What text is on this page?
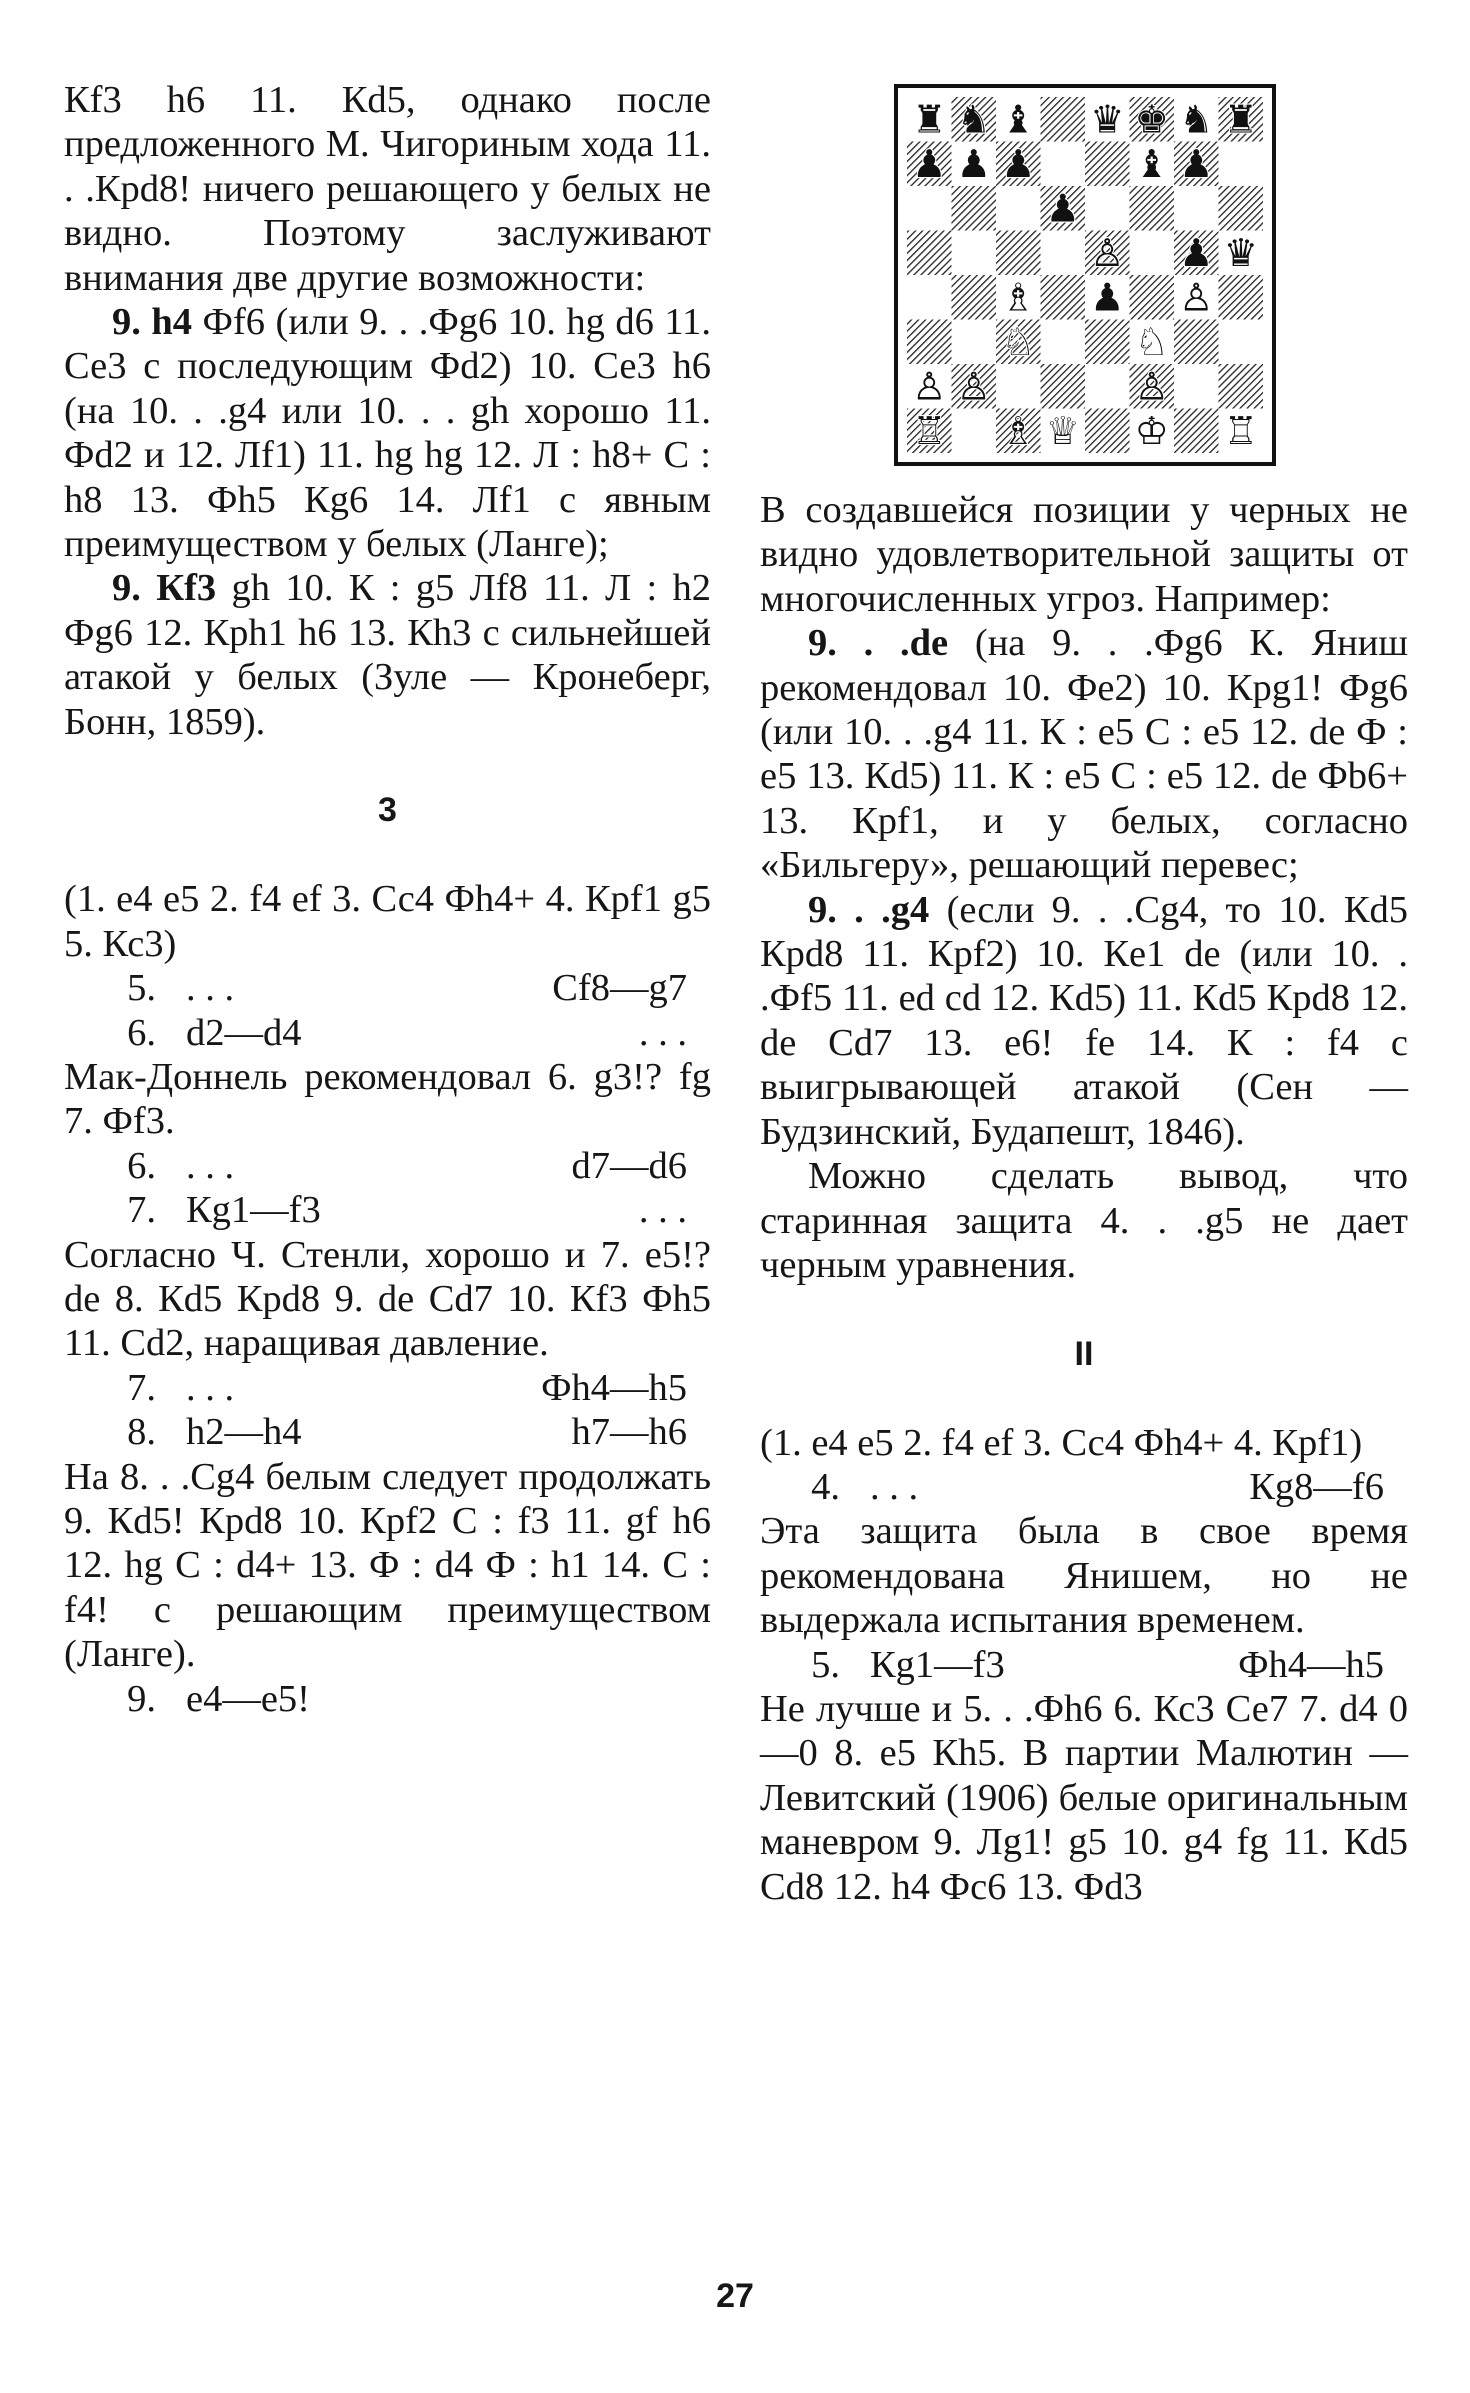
Кf3 h6 11. Кd5, однако после предложенного М. Чигориным хода 11. . .Кpd8! ничего решающего у белых не видно. Поэтому заслуживают внимания две другие возможности:

9. h4 Фf6 (или 9. . .Фg6 10. hg d6 11. Се3 с последующим Фd2) 10. Се3 h6 (на 10. . .g4 или 10. . . gh хорошо 11. Фd2 и 12. Лf1) 11. hg hg 12. Л : h8+ С : h8 13. Фh5 Кg6 14. Лf1 с явным преимуществом у белых (Ланге);

9. Кf3 gh 10. К : g5 Лf8 11. Л : h2 Фg6 12. Кph1 h6 13. Кh3 с сильнейшей атакой у белых (Зуле — Кронеберг, Бонн, 1859).

3

(1. е4 е5 2. f4 ef 3. Сс4 Фh4+ 4. Кpf1 g5 5. Кс3)

5. . . .	Сf8—g7
6. d2—d4	. . .

Мак-Доннель рекомендовал 6. g3!? fg 7. Фf3.

6. . . .	d7—d6
7. Кg1—f3	. . .

Согласно Ч. Стенли, хорошо и 7. е5!? de 8. Кd5 Кpd8 9. de Сd7 10. Кf3 Фh5 11. Сd2, наращивая давление.

7. . . .	Фh4—h5
8. h2—h4	h7—h6

На 8. . .Сg4 белым следует продолжать 9. Кd5! Кpd8 10. Кpf2 С : f3 11. gf h6 12. hg С : d4+ 13. Ф : d4 Ф : h1 14. С : f4! с решающим преимуществом (Ланге).

9. е4—е5!
♜ ♞ ♝ ♛ ♚ ♞ ♜
♟ ♟ ♟	♝ ♟
♟
♙ ♟ ♛
♗ ♟ ♙
♘	♘
♙ ♙	♙
♖ ♗ ♕ ♔ ♖

В создавшейся позиции у черных не видно удовлетворительной защиты от многочисленных угроз. Например:

9. . .de (на 9. . .Фg6 К. Яниш рекомендовал 10. Фе2) 10. Кpg1! Фg6 (или 10. . .g4 11. К : е5 С : е5 12. de Ф : е5 13. Кd5) 11. К : е5 С : е5 12. de Фb6+ 13. Кpf1, и у белых, согласно «Бильгеру», решающий перевес;

9. . .g4 (если 9. . .Сg4, то 10. Кd5 Кpd8 11. Кpf2) 10. Кe1 de (или 10. . .Фf5 11. ed cd 12. Кd5) 11. Кd5 Кpd8 12. de Сd7 13. е6! fe 14. К : f4 с выигрывающей атакой (Сен — Будзинский, Будапешт, 1846).

Можно сделать вывод, что старинная защита 4. . .g5 не дает черным уравнения.

II

(1. е4 е5 2. f4 ef 3. Сс4 Фh4+ 4. Кpf1)

4. . . .	Кg8—f6

Эта защита была в свое время рекомендована Янишем, но не выдержала испытания временем.

5. Кg1—f3	Фh4—h5

Не лучше и 5. . .Фh6 6. Кс3 Се7 7. d4 0—0 8. е5 Кh5. В партии Малютин — Левитский (1906) белые оригинальным маневром 9. Лg1! g5 10. g4 fg 11. Кd5 Сd8 12. h4 Фс6 13. Фd3

27
